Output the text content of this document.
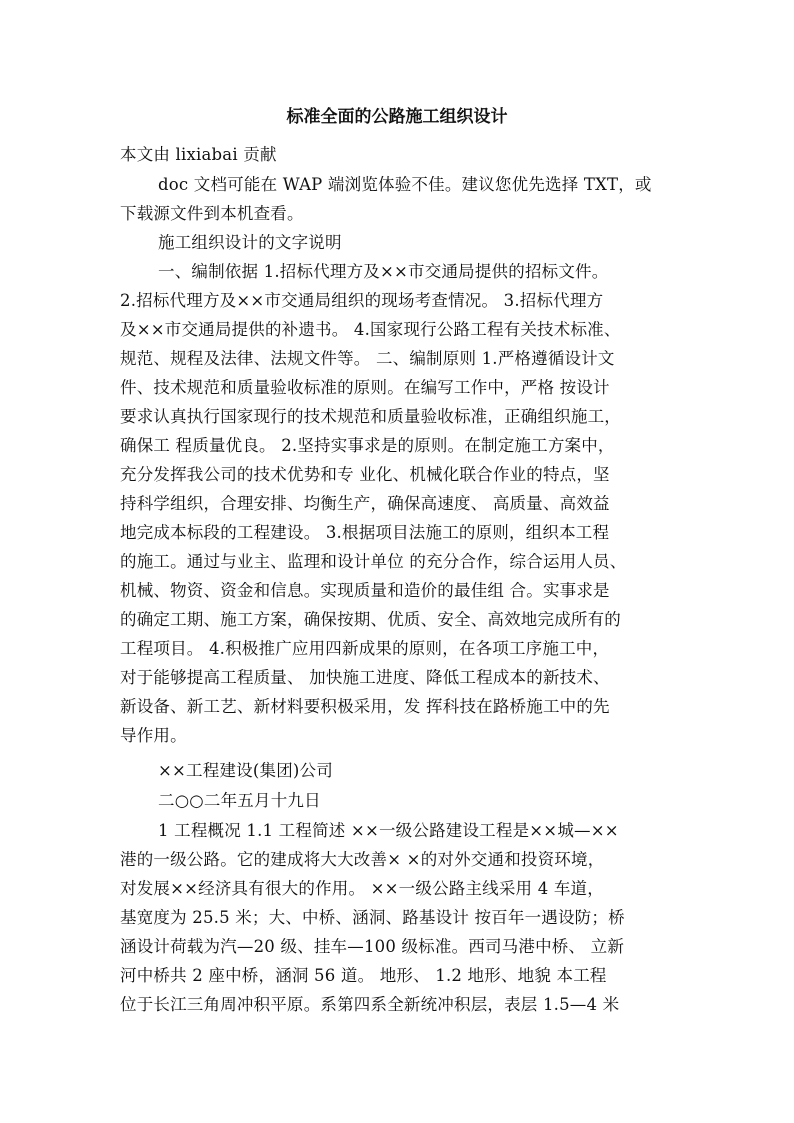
标准全面的公路施工组织设计
本文由 lixiabai 贡献
doc 文档可能在 WAP 端浏览体验不佳。建议您优先选择 TXT，或
下载源文件到本机查看。
施工组织设计的文字说明
一、编制依据 1.招标代理方及××市交通局提供的招标文件。
2.招标代理方及××市交通局组织的现场考查情况。 3.招标代理方
及××市交通局提供的补遗书。 4.国家现行公路工程有关技术标准、
规范、规程及法律、法规文件等。 二、编制原则 1.严格遵循设计文
件、技术规范和质量验收标准的原则。在编写工作中，严格 按设计
要求认真执行国家现行的技术规范和质量验收标准，正确组织施工，
确保工 程质量优良。 2.坚持实事求是的原则。在制定施工方案中，
充分发挥我公司的技术优势和专 业化、机械化联合作业的特点，坚
持科学组织，合理安排、均衡生产，确保高速度、 高质量、高效益
地完成本标段的工程建设。 3.根据项目法施工的原则，组织本工程
的施工。通过与业主、监理和设计单位 的充分合作，综合运用人员、
机械、物资、资金和信息。实现质量和造价的最佳组 合。实事求是
的确定工期、施工方案，确保按期、优质、安全、高效地完成所有的
工程项目。 4.积极推广应用四新成果的原则，在各项工序施工中，
对于能够提高工程质量、 加快施工进度、降低工程成本的新技术、
新设备、新工艺、新材料要积极采用，发 挥科技在路桥施工中的先
导作用。
××工程建设(集团)公司
二○○二年五月十九日
1 工程概况 1.1 工程简述 ××一级公路建设工程是××城—××
港的一级公路。它的建成将大大改善× ×的对外交通和投资环境，
对发展××经济具有很大的作用。 ××一级公路主线采用 4 车道，
基宽度为 25.5 米；大、中桥、涵洞、路基设计 按百年一遇设防；桥
涵设计荷载为汽—20 级、挂车—100 级标准。西司马港中桥、 立新
河中桥共 2 座中桥，涵洞 56 道。 地形、 1.2 地形、地貌 本工程
位于长江三角周冲积平原。系第四系全新统冲积层，表层 1.5—4 米
